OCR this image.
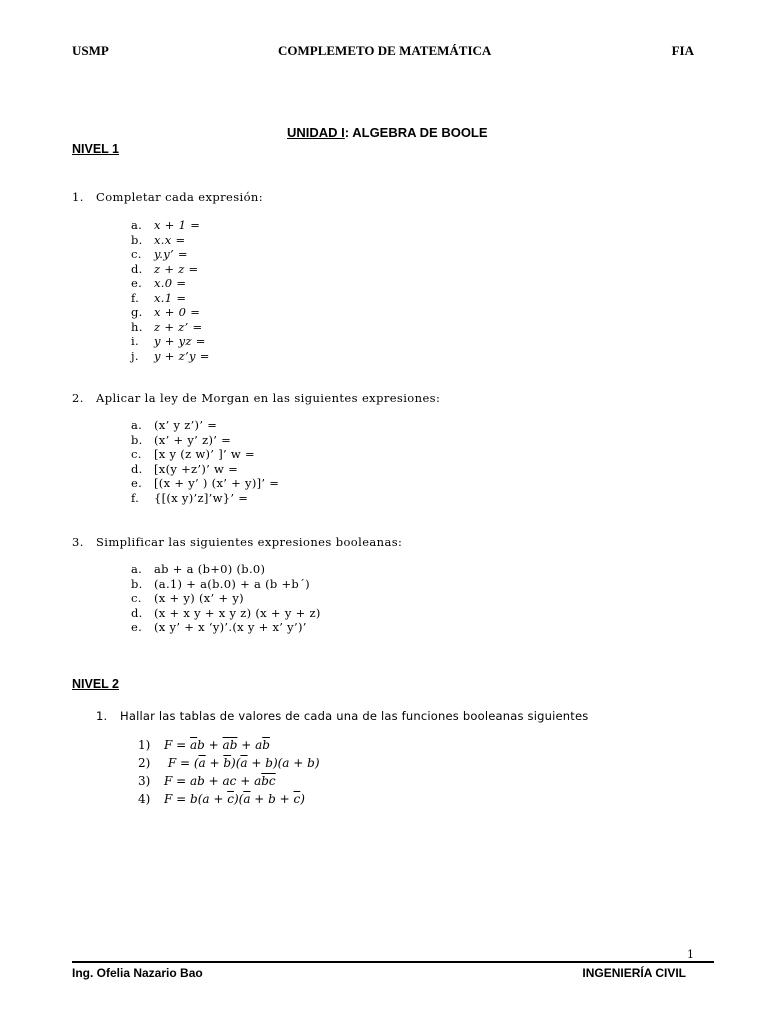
USMP	COMPLEMETO DE MATEMÁTICA	FIA
UNIDAD I: ALGEBRA DE BOOLE
NIVEL 1
1. Completar cada expresión:
a. x + 1 =
b. x.x =
c. y.y’ =
d. z + z =
e. x.0 =
f. x.1 =
g. x + 0 =
h. z + z’ =
i. y + yz =
j. y + z’y =
2. Aplicar la ley de Morgan en las siguientes expresiones:
a. (x’ y z’)’ =
b. (x’ + y’ z)’ =
c. [x y (z w)’ ]’ w =
d. [x(y +z’)’ w =
e. [(x + y’ ) (x’ + y)]’ =
f. {[(x y)’z]’w}’ =
3. Simplificar las siguientes expresiones booleanas:
a. ab + a (b+0) (b.0)
b. (a.1) + a(b.0) + a (b +b´)
c. (x + y) (x’ + y)
d. (x + x y + x y z) (x + y + z)
e. (x y’ + x ‘y)’.(x y + x’ y’)’
NIVEL 2
1. Hallar las tablas de valores de cada una de las funciones booleanas siguientes
1) $F = \overline{a}b + \overline{a}\overline{b} + a\overline{b}$
2) $F = (\overline{a} + \overline{b})(\overline{a} + b)(a + b)$
3) F = ab + ac + $a\overline{bc}$
4) $F = b(a + \overline{c})(\overline{a} + b + \overline{c})$
1
Ing. Ofelia Nazario Bao	INGENIERÍA CIVIL
